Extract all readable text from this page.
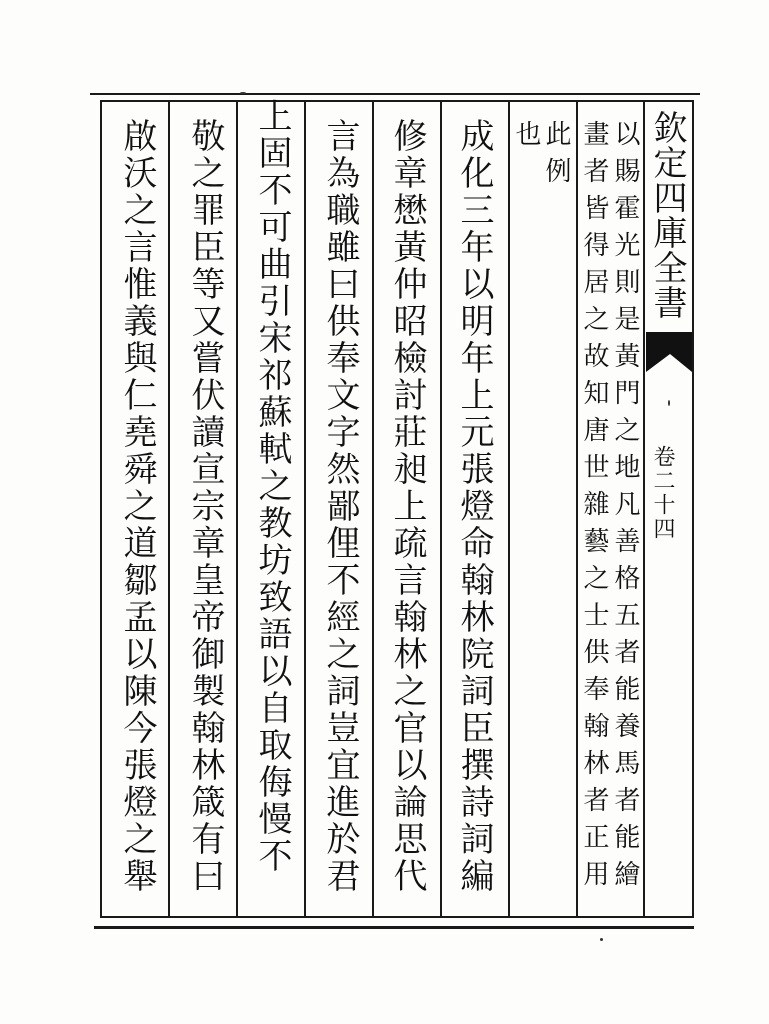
欽定四庫全書
卷二十四
以賜霍光則是黃門之地凡善格五者能養馬者能繪
畫者皆得居之故知唐世雜藝之士供奉翰林者正用
此例
也
成化三年以明年上元張燈命翰林院詞臣撰詩詞編
修章懋黃仲昭檢討莊昶上疏言翰林之官以論思代
言為職雖曰供奉文字然鄙俚不經之詞豈宜進於君
上固不可曲引宋祁蘇軾之教坊致語以自取侮慢不
敬之罪臣等又嘗伏讀宣宗章皇帝御製翰林箴有曰
啟沃之言惟義與仁堯舜之道鄒孟以陳今張燈之舉
